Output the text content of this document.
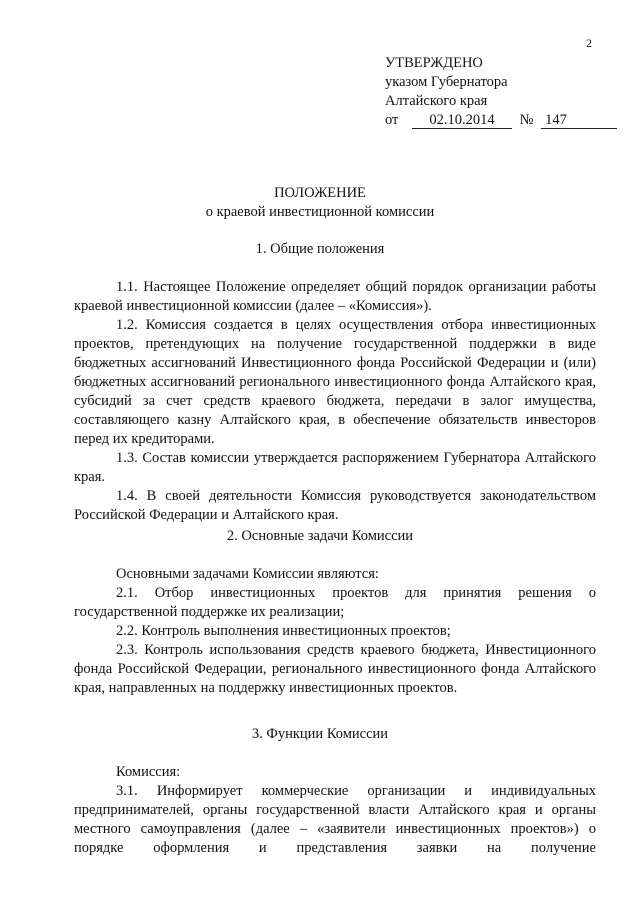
2
УТВЕРЖДЕНО
указом Губернатора
Алтайского края
от 02.10.2014 № 147
ПОЛОЖЕНИЕ
о краевой инвестиционной комиссии
1. Общие положения

1.1. Настоящее Положение определяет общий порядок организации работы краевой инвестиционной комиссии (далее – «Комиссия»).

1.2. Комиссия создается в целях осуществления отбора инвестиционных проектов, претендующих на получение государственной поддержки в виде бюджетных ассигнований Инвестиционного фонда Российской Федерации и (или) бюджетных ассигнований регионального инвестиционного фонда Алтайского края, субсидий за счет средств краевого бюджета, передачи в залог имущества, составляющего казну Алтайского края, в обеспечение обязательств инвесторов перед их кредиторами.

1.3. Состав комиссии утверждается распоряжением Губернатора Алтайского края.

1.4. В своей деятельности Комиссия руководствуется законодательством Российской Федерации и Алтайского края.

2. Основные задачи Комиссии

Основными задачами Комиссии являются:

2.1. Отбор инвестиционных проектов для принятия решения о государственной поддержке их реализации;

2.2. Контроль выполнения инвестиционных проектов;

2.3. Контроль использования средств краевого бюджета, Инвестиционного фонда Российской Федерации, регионального инвестиционного фонда Алтайского края, направленных на поддержку инвестиционных проектов.

3. Функции Комиссии

Комиссия:

3.1. Информирует коммерческие организации и индивидуальных предпринимателей, органы государственной власти Алтайского края и органы местного самоуправления (далее – «заявители инвестиционных проектов») о порядке оформления и представления заявки на получение
